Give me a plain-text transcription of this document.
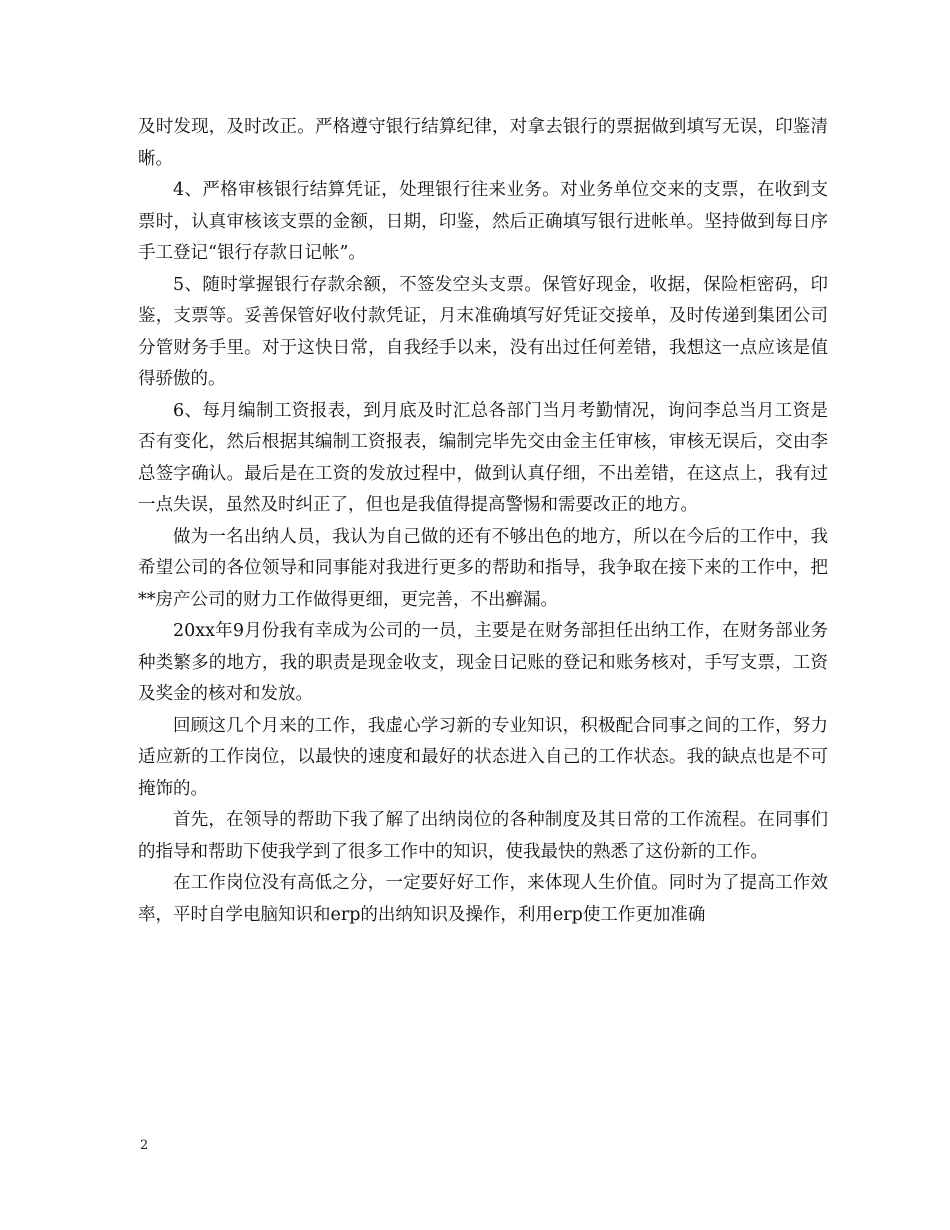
及时发现，及时改正。严格遵守银行结算纪律，对拿去银行的票据做到填写无误，印鉴清晰。

4、严格审核银行结算凭证，处理银行往来业务。对业务单位交来的支票，在收到支票时，认真审核该支票的金额，日期，印鉴，然后正确填写银行进帐单。坚持做到每日序手工登记“银行存款日记帐”。

5、随时掌握银行存款余额，不签发空头支票。保管好现金，收据，保险柜密码，印鉴，支票等。妥善保管好收付款凭证，月末准确填写好凭证交接单，及时传递到集团公司分管财务手里。对于这快日常，自我经手以来，没有出过任何差错，我想这一点应该是值得骄傲的。

6、每月编制工资报表，到月底及时汇总各部门当月考勤情况，询问李总当月工资是否有变化，然后根据其编制工资报表，编制完毕先交由金主任审核，审核无误后，交由李总签字确认。最后是在工资的发放过程中，做到认真仔细，不出差错，在这点上，我有过一点失误，虽然及时纠正了，但也是我值得提高警惕和需要改正的地方。

做为一名出纳人员，我认为自己做的还有不够出色的地方，所以在今后的工作中，我希望公司的各位领导和同事能对我进行更多的帮助和指导，我争取在接下来的工作中，把**房产公司的财力工作做得更细，更完善，不出癣漏。

20xx年9月份我有幸成为公司的一员，主要是在财务部担任出纳工作，在财务部业务种类繁多的地方，我的职责是现金收支，现金日记账的登记和账务核对，手写支票，工资及奖金的核对和发放。

回顾这几个月来的工作，我虚心学习新的专业知识，积极配合同事之间的工作，努力适应新的工作岗位，以最快的速度和最好的状态进入自己的工作状态。我的缺点也是不可掩饰的。

首先，在领导的帮助下我了解了出纳岗位的各种制度及其日常的工作流程。在同事们的指导和帮助下使我学到了很多工作中的知识，使我最快的熟悉了这份新的工作。

在工作岗位没有高低之分，一定要好好工作，来体现人生价值。同时为了提高工作效率，平时自学电脑知识和erp的出纳知识及操作，利用erp使工作更加准确

2
